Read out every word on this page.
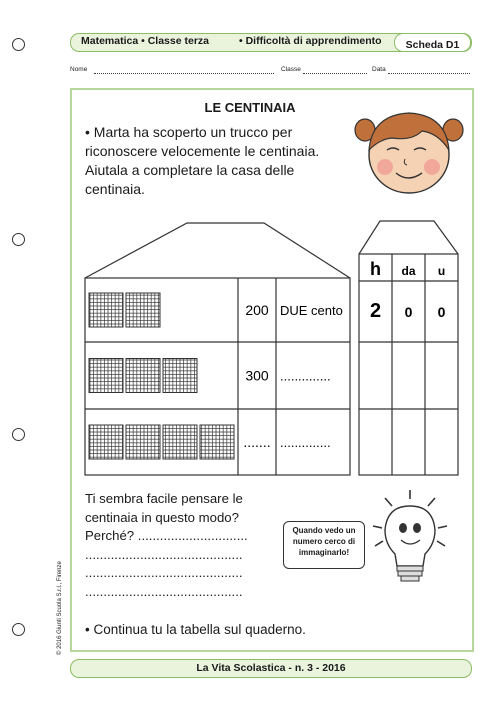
Matematica • Classe terza	• Difficoltà di apprendimento	Scheda D1
Nome	Classe	Data
LE CENTINAIA
• Marta ha scoperto un trucco per riconoscere velocemente le centinaia. Aiutala a completare la casa delle centinaia.
200 DUE cento
300 ..............
....... ..............
h da u
2 0 0
Ti sembra facile pensare le centinaia in questo modo? Perché? ..............................
...........................................
...........................................
...........................................
Quando vedo un numero cerco di immaginarlo!
• Continua tu la tabella sul quaderno.
La Vita Scolastica - n. 3 - 2016
© 2016 Giunti Scuola S.r.l., Firenze
